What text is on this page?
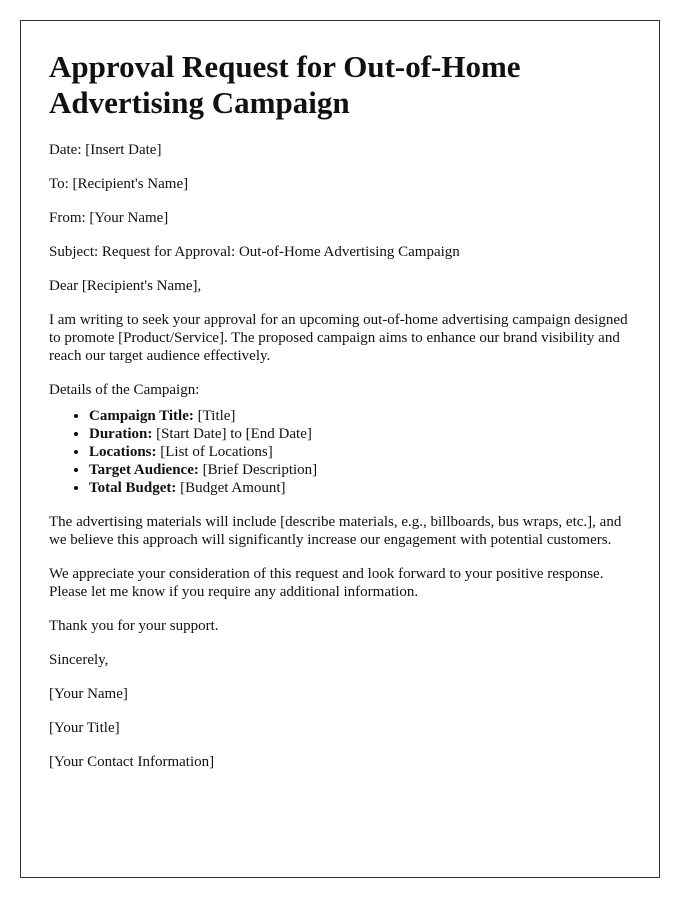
Approval Request for Out-of-Home Advertising Campaign

Date: [Insert Date]

To: [Recipient's Name]

From: [Your Name]

Subject: Request for Approval: Out-of-Home Advertising Campaign

Dear [Recipient's Name],

I am writing to seek your approval for an upcoming out-of-home advertising campaign designed to promote [Product/Service]. The proposed campaign aims to enhance our brand visibility and reach our target audience effectively.

Details of the Campaign:

• Campaign Title: [Title]
• Duration: [Start Date] to [End Date]
• Locations: [List of Locations]
• Target Audience: [Brief Description]
• Total Budget: [Budget Amount]

The advertising materials will include [describe materials, e.g., billboards, bus wraps, etc.], and we believe this approach will significantly increase our engagement with potential customers.

We appreciate your consideration of this request and look forward to your positive response. Please let me know if you require any additional information.

Thank you for your support.

Sincerely,

[Your Name]

[Your Title]

[Your Contact Information]
